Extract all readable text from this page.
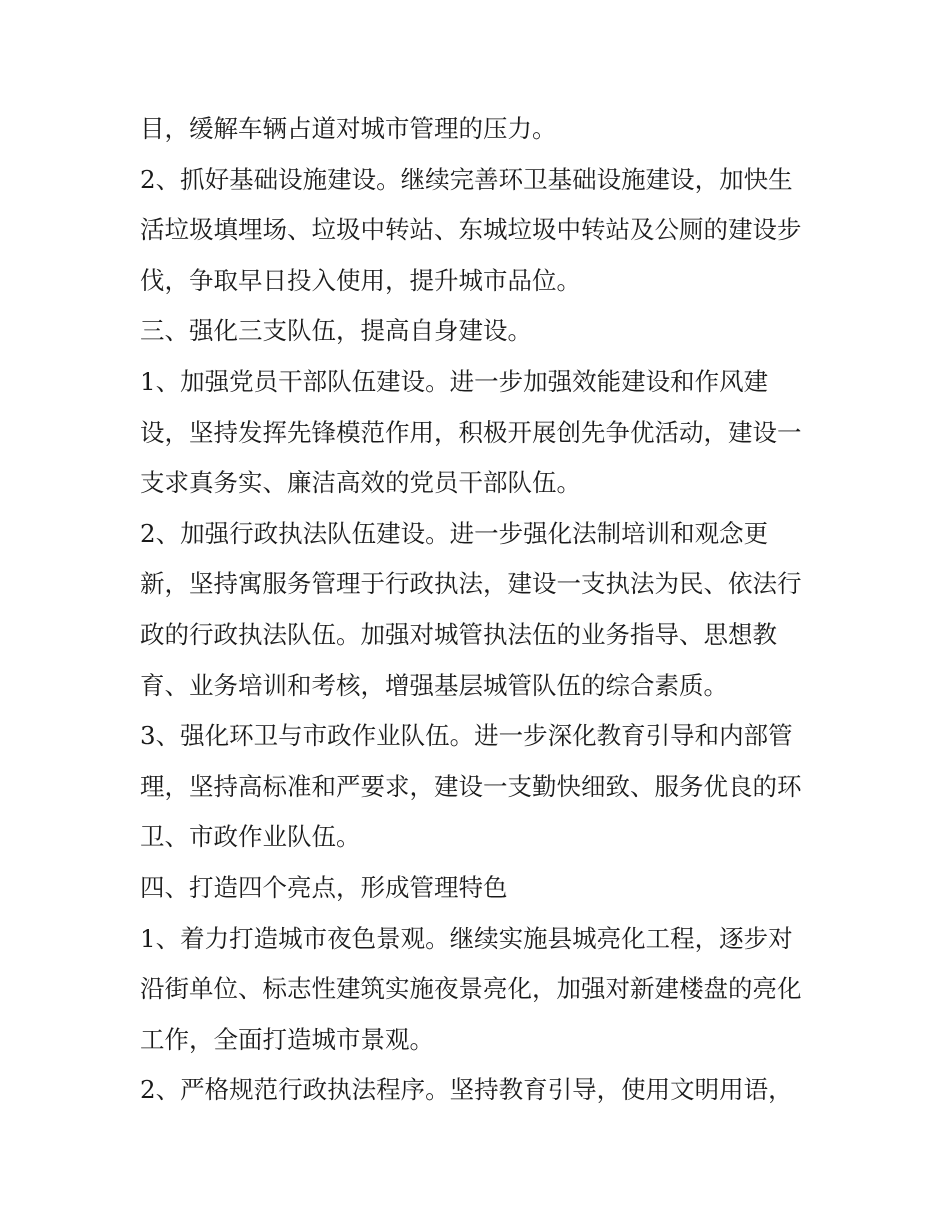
目，缓解车辆占道对城市管理的压力。
2、抓好基础设施建设。继续完善环卫基础设施建设，加快生
活垃圾填埋场、垃圾中转站、东城垃圾中转站及公厕的建设步
伐，争取早日投入使用，提升城市品位。
三、强化三支队伍，提高自身建设。
1、加强党员干部队伍建设。进一步加强效能建设和作风建
设，坚持发挥先锋模范作用，积极开展创先争优活动，建设一
支求真务实、廉洁高效的党员干部队伍。
2、加强行政执法队伍建设。进一步强化法制培训和观念更
新，坚持寓服务管理于行政执法，建设一支执法为民、依法行
政的行政执法队伍。加强对城管执法伍的业务指导、思想教
育、业务培训和考核，增强基层城管队伍的综合素质。
3、强化环卫与市政作业队伍。进一步深化教育引导和内部管
理，坚持高标准和严要求，建设一支勤快细致、服务优良的环
卫、市政作业队伍。
四、打造四个亮点，形成管理特色
1、着力打造城市夜色景观。继续实施县城亮化工程，逐步对
沿街单位、标志性建筑实施夜景亮化，加强对新建楼盘的亮化
工作，全面打造城市景观。
2、严格规范行政执法程序。坚持教育引导，使用文明用语，
